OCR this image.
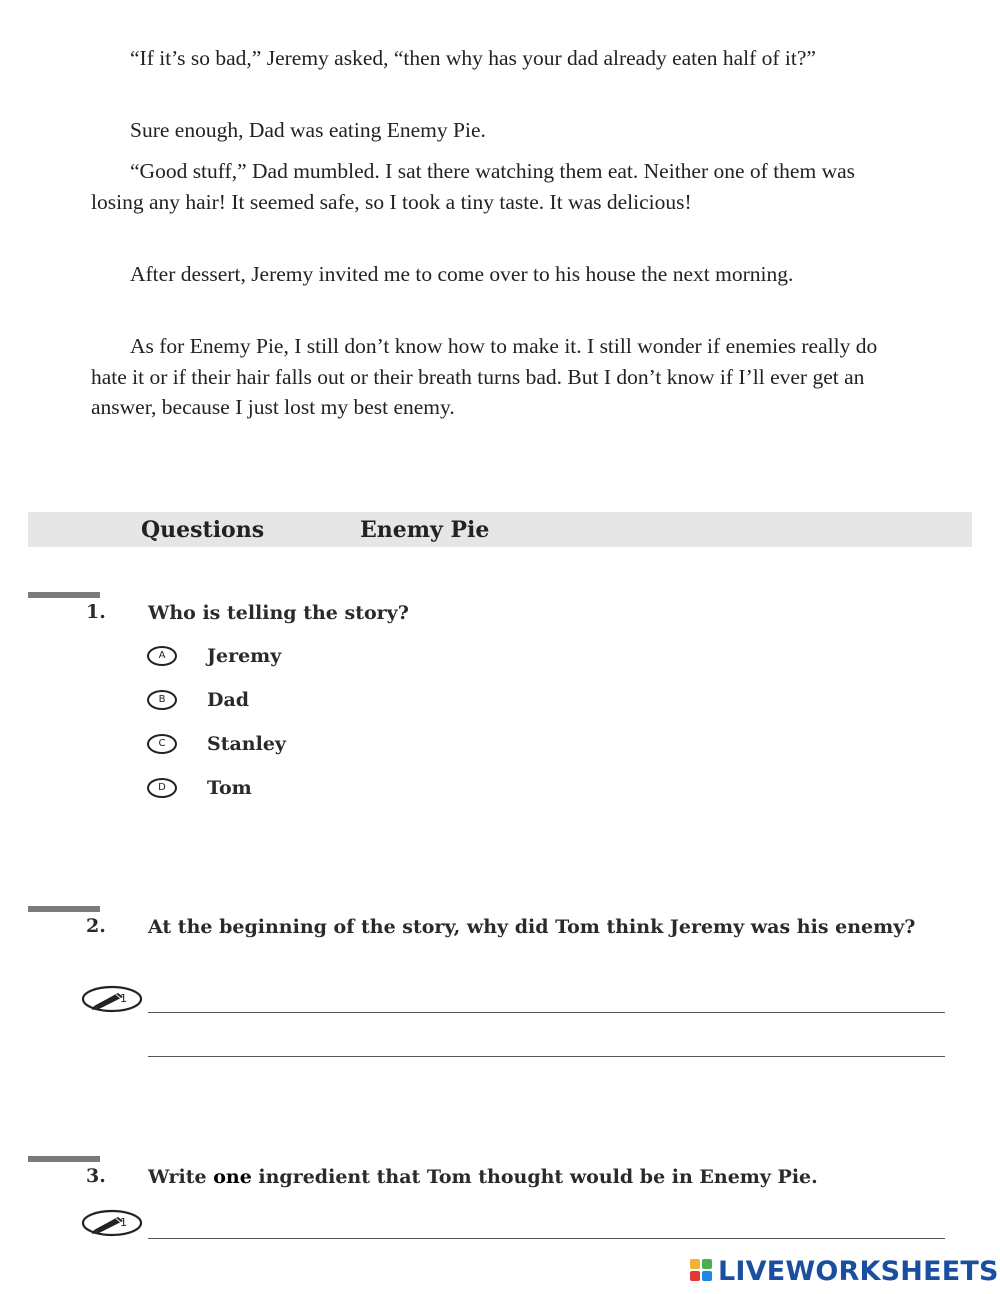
“If it’s so bad,” Jeremy asked, “then why has your dad already eaten half of it?”

Sure enough, Dad was eating Enemy Pie.

“Good stuff,” Dad mumbled. I sat there watching them eat. Neither one of them was losing any hair! It seemed safe, so I took a tiny taste. It was delicious!

After dessert, Jeremy invited me to come over to his house the next morning.

As for Enemy Pie, I still don’t know how to make it. I still wonder if enemies really do hate it or if their hair falls out or their breath turns bad. But I don’t know if I’ll ever get an answer, because I just lost my best enemy.

Questions	Enemy Pie
1. Who is telling the story?
A	Jeremy
B	Dad
C	Stanley
D	Tom
2. At the beginning of the story, why did Tom think Jeremy was his enemy?
1
3. Write one ingredient that Tom thought would be in Enemy Pie.
1
LIVEWORKSHEETS
